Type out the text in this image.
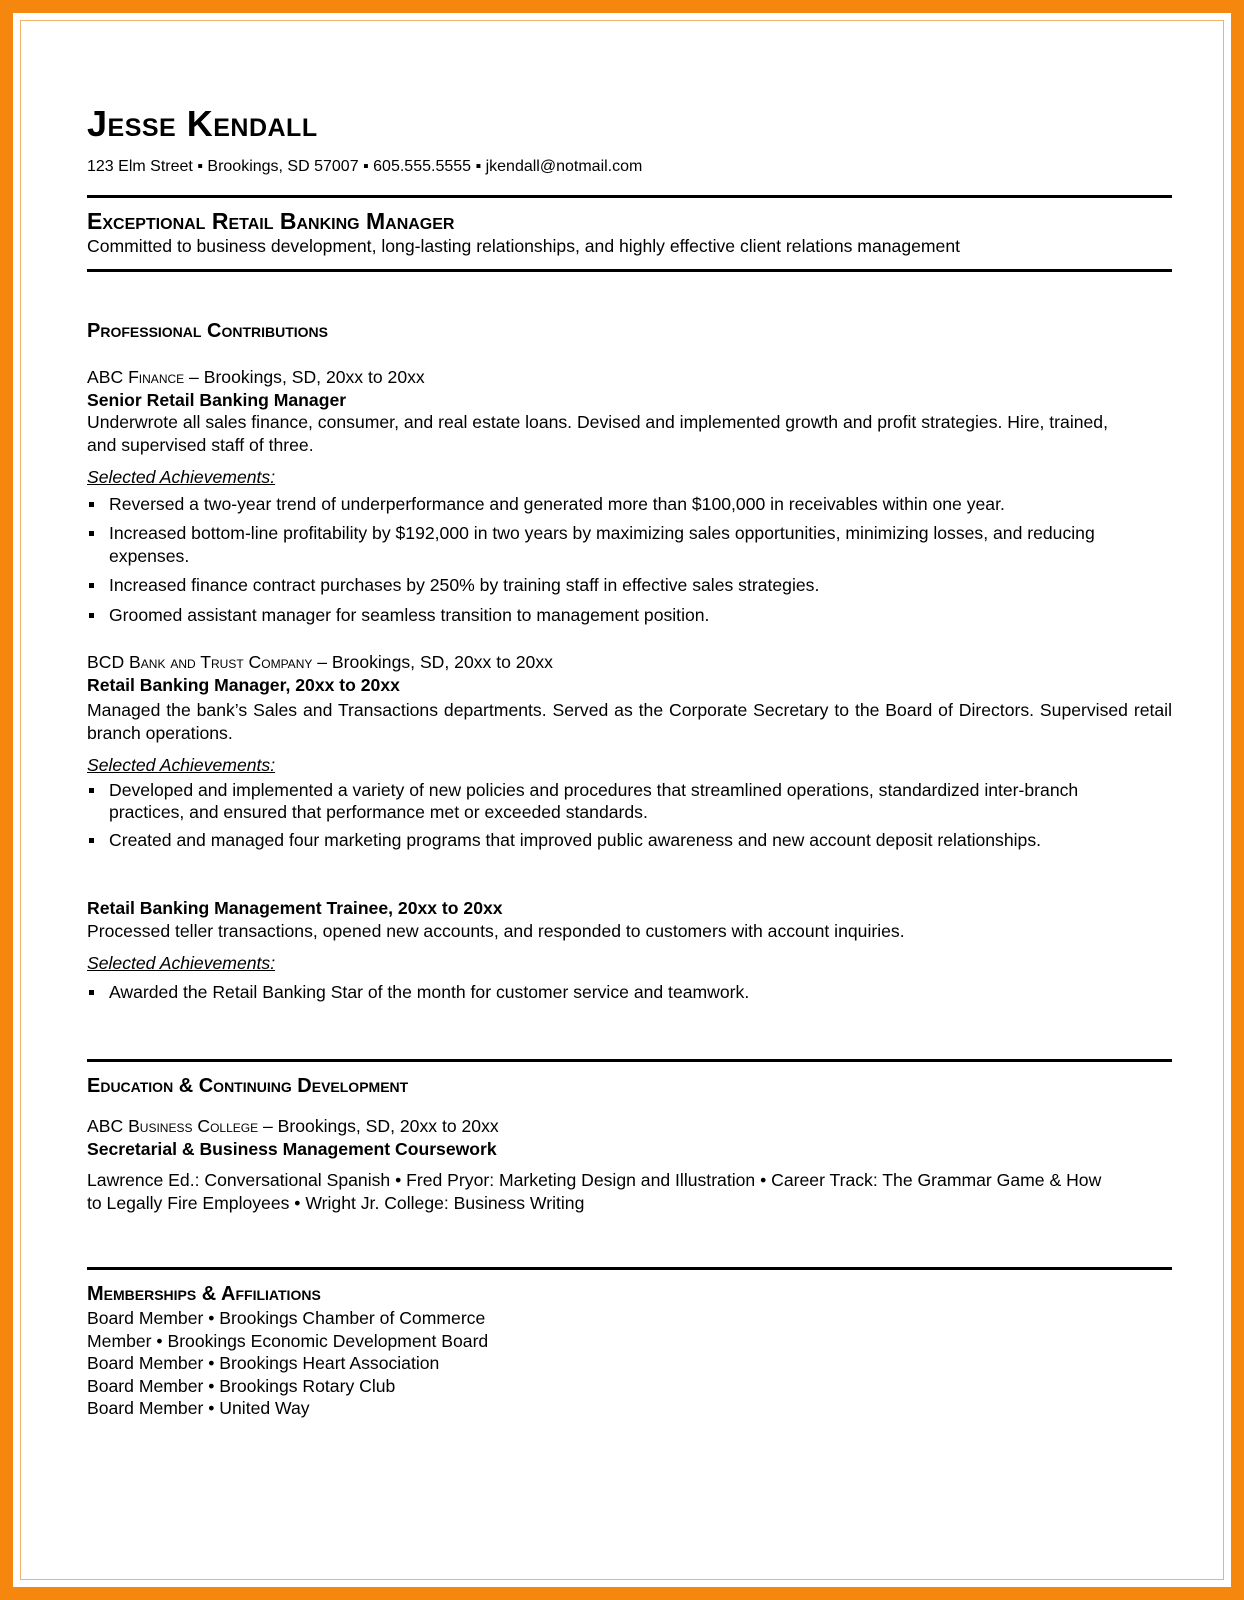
Jesse Kendall
123 Elm Street ▪ Brookings, SD 57007 ▪ 605.555.5555 ▪ jkendall@notmail.com
Exceptional Retail Banking Manager
Committed to business development, long-lasting relationships, and highly effective client relations management
Professional Contributions
ABC Finance – Brookings, SD, 20xx to 20xx
Senior Retail Banking Manager
Underwrote all sales finance, consumer, and real estate loans. Devised and implemented growth and profit strategies. Hire, trained, and supervised staff of three.
Selected Achievements:
Reversed a two-year trend of underperformance and generated more than $100,000 in receivables within one year.
Increased bottom-line profitability by $192,000 in two years by maximizing sales opportunities, minimizing losses, and reducing expenses.
Increased finance contract purchases by 250% by training staff in effective sales strategies.
Groomed assistant manager for seamless transition to management position.
BCD Bank and Trust Company – Brookings, SD, 20xx to 20xx
Retail Banking Manager, 20xx to 20xx
Managed the bank’s Sales and Transactions departments. Served as the Corporate Secretary to the Board of Directors. Supervised retail branch operations.
Selected Achievements:
Developed and implemented a variety of new policies and procedures that streamlined operations, standardized inter-branch practices, and ensured that performance met or exceeded standards.
Created and managed four marketing programs that improved public awareness and new account deposit relationships.
Retail Banking Management Trainee, 20xx to 20xx
Processed teller transactions, opened new accounts, and responded to customers with account inquiries.
Selected Achievements:
Awarded the Retail Banking Star of the month for customer service and teamwork.
Education & Continuing Development
ABC Business College – Brookings, SD, 20xx to 20xx
Secretarial & Business Management Coursework
Lawrence Ed.: Conversational Spanish • Fred Pryor: Marketing Design and Illustration • Career Track: The Grammar Game & How to Legally Fire Employees • Wright Jr. College: Business Writing
Memberships & Affiliations
Board Member • Brookings Chamber of Commerce
Member • Brookings Economic Development Board
Board Member • Brookings Heart Association
Board Member • Brookings Rotary Club
Board Member • United Way
